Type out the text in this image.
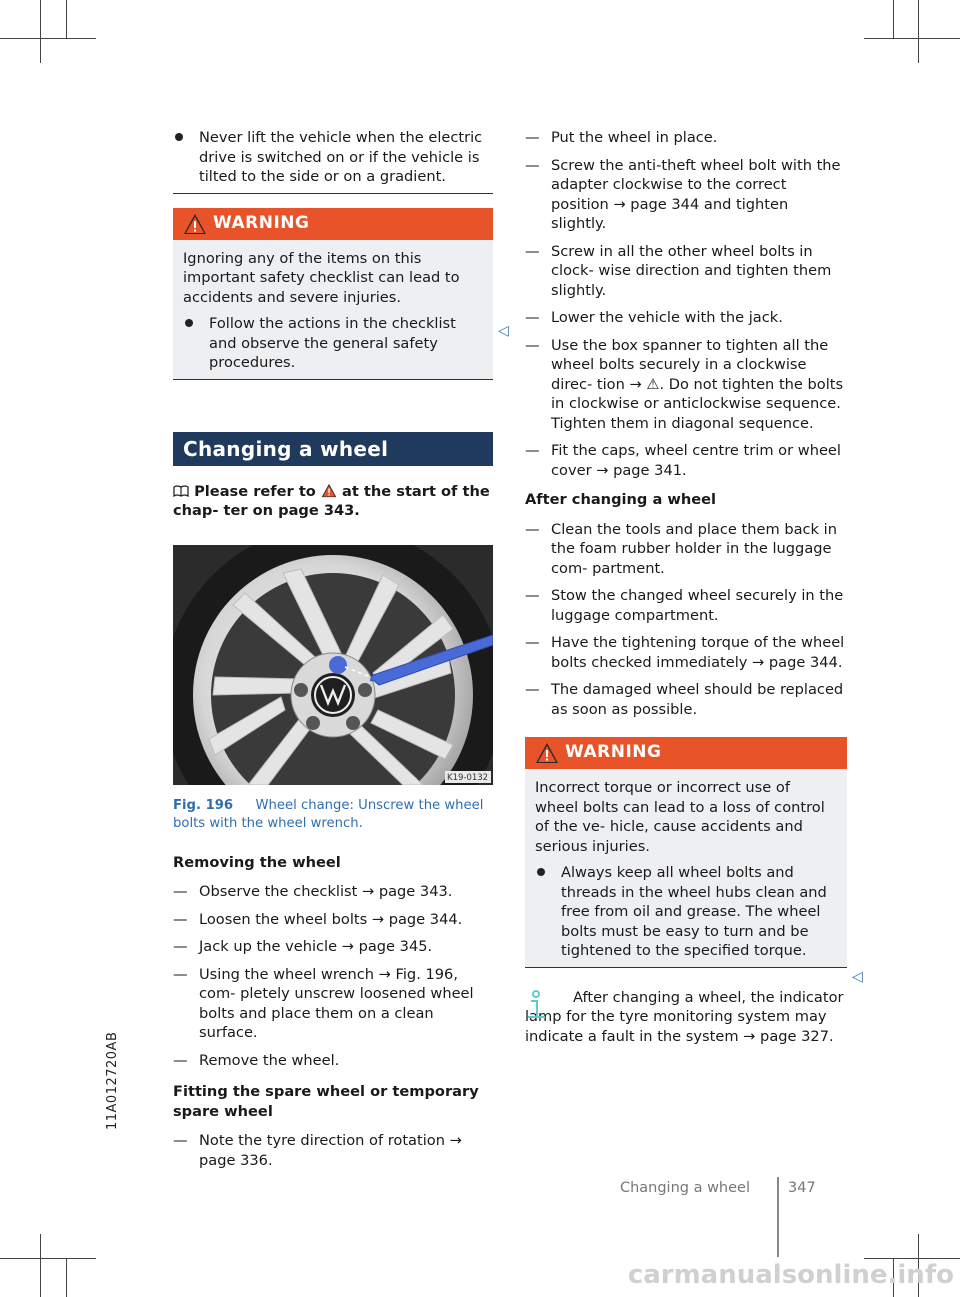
11A012720AB
Never lift the vehicle when the electric drive is switched on or if the vehicle is tilted to the side or on a gradient.
WARNING

Ignoring any of the items on this important safety checklist can lead to accidents and severe injuries.

Follow the actions in the checklist and observe the general safety procedures.
Changing a wheel
Please refer to at the start of the chap- ter on page 343.
K19-0132
Fig. 196 Wheel change: Unscrew the wheel bolts with the wheel wrench.
Removing the wheel
— Observe the checklist → page 343.
— Loosen the wheel bolts → page 344.
— Jack up the vehicle → page 345.
— Using the wheel wrench → Fig. 196, com- pletely unscrew loosened wheel bolts and place them on a clean surface.
— Remove the wheel.
Fitting the spare wheel or temporary spare wheel
— Note the tyre direction of rotation → page 336.
◁
— Put the wheel in place.
— Screw the anti-theft wheel bolt with the adapter clockwise to the correct position → page 344 and tighten slightly.
— Screw in all the other wheel bolts in clock- wise direction and tighten them slightly.
— Lower the vehicle with the jack.
— Use the box spanner to tighten all the wheel bolts securely in a clockwise direc- tion → ⚠. Do not tighten the bolts in clockwise or anticlockwise sequence. Tighten them in diagonal sequence.
— Fit the caps, wheel centre trim or wheel cover → page 341.
After changing a wheel
— Clean the tools and place them back in the foam rubber holder in the luggage com- partment.
— Stow the changed wheel securely in the luggage compartment.
— Have the tightening torque of the wheel bolts checked immediately → page 344.
— The damaged wheel should be replaced as soon as possible.
WARNING

Incorrect torque or incorrect use of wheel bolts can lead to a loss of control of the ve- hicle, cause accidents and serious injuries.

Always keep all wheel bolts and threads in the wheel hubs clean and free from oil and grease. The wheel bolts must be easy to turn and be tightened to the specified torque.
After changing a wheel, the indicator lamp for the tyre monitoring system may indicate a fault in the system → page 327.
◁
Changing a wheel	347
carmanualsonline.info
